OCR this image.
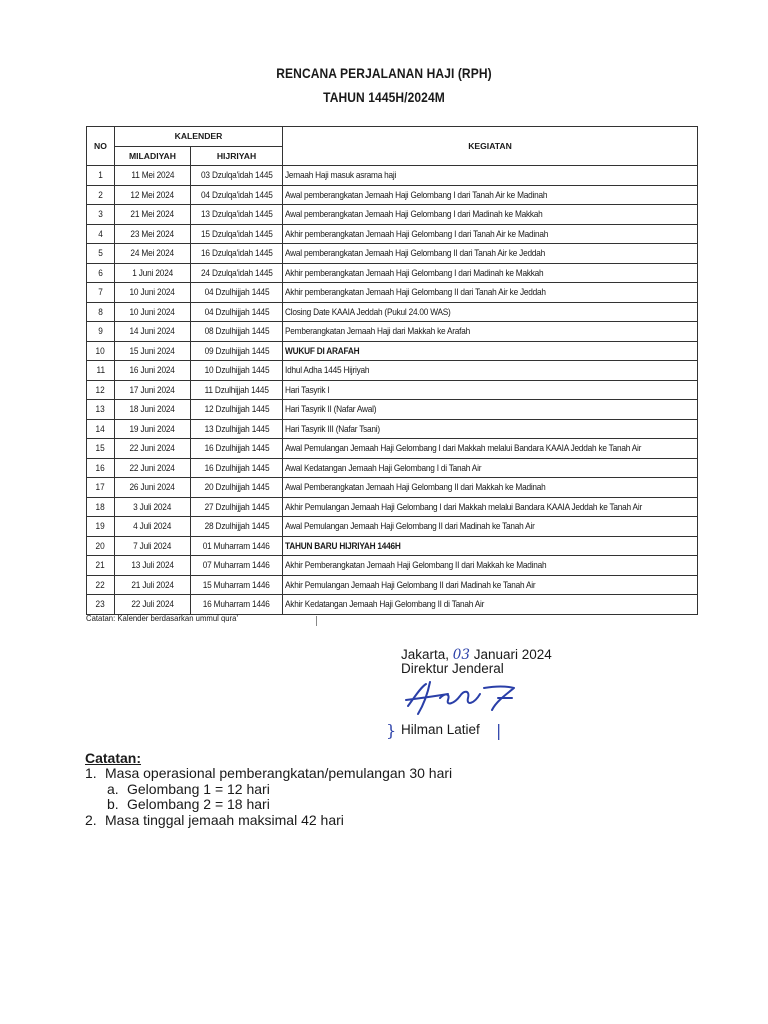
RENCANA PERJALANAN HAJI (RPH)
TAHUN 1445H/2024M
NO	KALENDER		KEGIATAN
	MILADIYAH	HIJRIYAH	
1	11 Mei 2024	03 Dzulqa'idah 1445	Jemaah Haji masuk asrama haji
2	12 Mei 2024	04 Dzulqa'idah 1445	Awal pemberangkatan Jemaah Haji Gelombang I dari Tanah Air ke Madinah
3	21 Mei 2024	13 Dzulqa'idah 1445	Awal pemberangkatan Jemaah Haji Gelombang I dari Madinah ke Makkah
4	23 Mei 2024	15 Dzulqa'idah 1445	Akhir pemberangkatan Jemaah Haji Gelombang I dari Tanah Air ke Madinah
5	24 Mei 2024	16 Dzulqa'idah 1445	Awal pemberangkatan Jemaah Haji Gelombang II dari Tanah Air ke Jeddah
6	1 Juni 2024	24 Dzulqa'idah 1445	Akhir pemberangkatan Jemaah Haji Gelombang I dari Madinah ke Makkah
7	10 Juni 2024	04 Dzulhijjah 1445	Akhir pemberangkatan Jemaah Haji Gelombang II dari Tanah Air ke Jeddah
8	10 Juni 2024	04 Dzulhijjah 1445	Closing Date KAAIA Jeddah (Pukul 24.00 WAS)
9	14 Juni 2024	08 Dzulhijjah 1445	Pemberangkatan Jemaah Haji dari Makkah ke Arafah
10	15 Juni 2024	09 Dzulhijjah 1445	WUKUF DI ARAFAH
11	16 Juni 2024	10 Dzulhijjah 1445	Idhul Adha 1445 Hijriyah
12	17 Juni 2024	11 Dzulhijjah 1445	Hari Tasyrik I
13	18 Juni 2024	12 Dzulhijjah 1445	Hari Tasyrik II (Nafar Awal)
14	19 Juni 2024	13 Dzulhijjah 1445	Hari Tasyrik III (Nafar Tsani)
15	22 Juni 2024	16 Dzulhijjah 1445	Awal Pemulangan Jemaah Haji Gelombang I dari Makkah melalui Bandara KAAIA Jeddah ke Tanah Air
16	22 Juni 2024	16 Dzulhijjah 1445	Awal Kedatangan Jemaah Haji Gelombang I di Tanah Air
17	26 Juni 2024	20 Dzulhijjah 1445	Awal Pemberangkatan Jemaah Haji Gelombang II dari Makkah ke Madinah
18	3 Juli 2024	27 Dzulhijjah 1445	Akhir Pemulangan Jemaah Haji Gelombang I dari Makkah melalui Bandara KAAIA Jeddah ke Tanah Air
19	4 Juli 2024	28 Dzulhijjah 1445	Awal Pemulangan Jemaah Haji Gelombang II dari Madinah ke Tanah Air
20	7 Juli 2024	01 Muharram 1446	TAHUN BARU HIJRIYAH 1446H
21	13 Juli 2024	07 Muharram 1446	Akhir Pemberangkatan Jemaah Haji Gelombang II dari Makkah ke Madinah
22	21 Juli 2024	15 Muharram 1446	Akhir Pemulangan Jemaah Haji Gelombang II dari Madinah ke Tanah Air
23	22 Juli 2024	16 Muharram 1446	Akhir Kedatangan Jemaah Haji Gelombang II di Tanah Air
Catatan: Kalender berdasarkan ummul qura'
Jakarta, 03 Januari 2024
Direktur Jenderal
} Hilman Latief |
Catatan:
1. Masa operasional pemberangkatan/pemulangan 30 hari
a. Gelombang 1 = 12 hari
b. Gelombang 2 = 18 hari
2. Masa tinggal jemaah maksimal 42 hari
